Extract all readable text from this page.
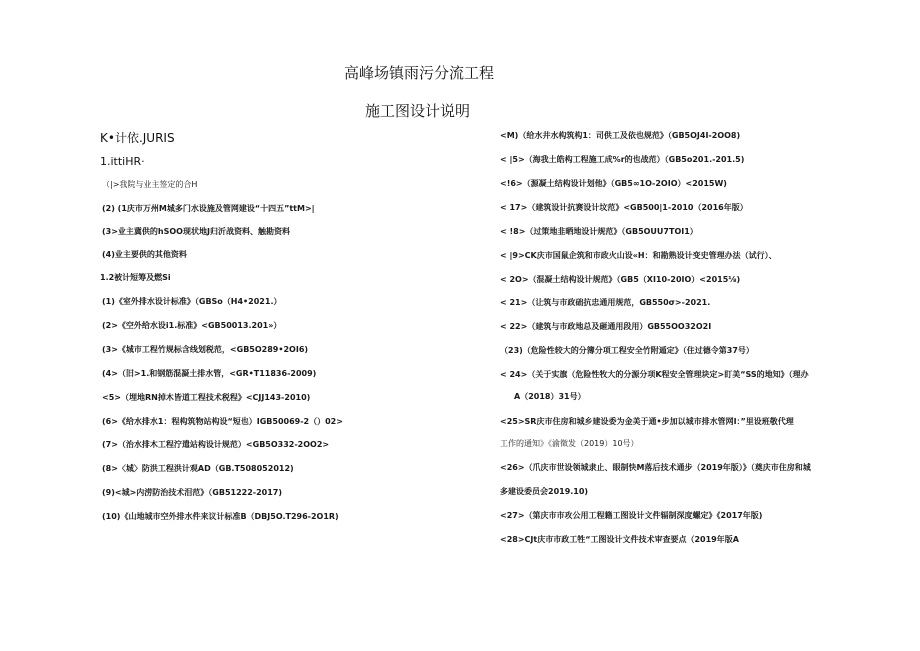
高峰场镇雨污分流工程
施工图设计说明
K•计依.JURIS
1.ittiHR·
（|>我院与业主签定的合H
(2) (1庆市万州M城多门水设施及管网建设“十四五”ttM>|
(3>业主冀供的hSOO现状地J归沂战资料、触勘资料
(4)业主要供的其他资料
1.2被计短筹及燃Si
(1)《室外排水设计标准》（GBSo（H4•2021.）
(2>《空外给水设i1.标准》<GB50013.201»）
(3>《城市工程竹规标含线划税范，<GB5O289•2OI6)
(4>（旧>1.和钢筋混凝土排水管，<GR•T11836-2009)
<5>（埋地RN掉木皆道工程技术税程》<CJJ143-2010)
(6>《给水排水1：程构筑物站构设“短也）IGB50069-2（）02>
(7>（治水排木工程泞遣站构设计规范）<GB5O332-2OO2>
(8>〈城〉防洪工程洪计观AD（GB.T508052012)
(9)<城>内涝防治技术泪范》（GB51222-2017)
(10)《山地城市空外排水件来议计标准B（DBJ5O.T296-2O1R)
<M)（给水井水构筑构1：司供工及依也规范》（GB5OJ4I-2OO8)
< |5>（海我土皓构工程施工成%r的也战范）（GB5o201.-201.5)
<!6>（源凝土结构设计划他》（GB5∞1O-2OIO）<2015W)
< 17>（建筑设计抗赛设计坟范》<GB500|1-2010（2016年版）
< !8>（过策地韭晒地设计规范》（GB5OUU7TOI1）
< |9>CK庆市国鼠企筑和市政火山设«H：和勘熟设计变史管理办法（试行）、
< 2O>（混凝土结构设计规范》（GB5（XI10-20IO）<2015⅛)
< 21>（让筑与市政础抗忠通用规范，GB550σ>-2021.
< 22>（建筑与市政地总及砸通用段用）GB55OO32O2I
（23)（危险性较大的分簿分项工程安全竹附遁定》（住过德令第37号）
< 24>（关于实旗（危险性牧大的分源分项K程安全管理块定>盯美“SS的地知》（理办
A（2018）31号）
<25>SR庆市住房和城乡建设委为金美于通•步加以城市排水管网I：”里设班敬代理
工作的通知》《渝徵发（2019）10号）
<26>（爪庆市世设领城隶止、眼制快M落后技术通步（2019年版）》（奠庆市住房和城
多建设委员会2019.10)
<27>（第庆市市攻公用工程籍工图设计文件辐制深度螺定》《2017年版)
<28>CJt庆市市政工牲“工图设计文件技术审查要点（2019年版A
